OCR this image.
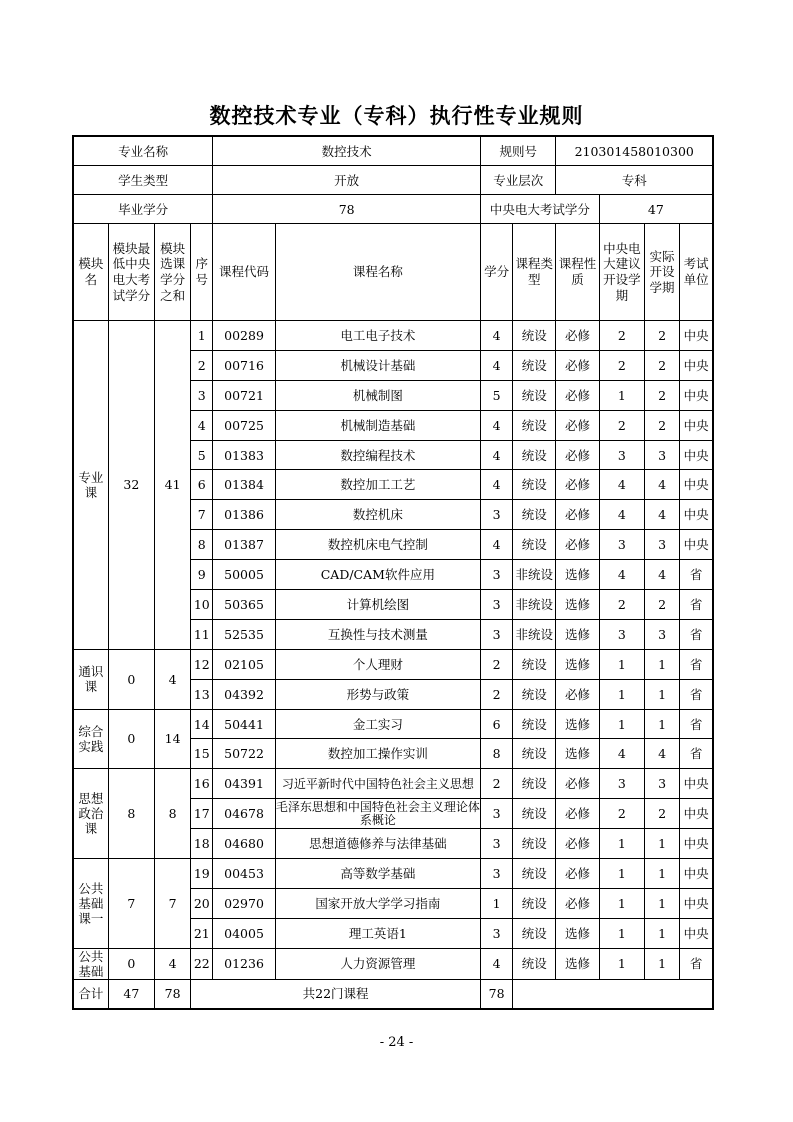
数控技术专业（专科）执行性专业规则
专业名称				数控技术		规则号		210301458010300			
学生类型				开放		专业层次		专科			
毕业学分				78		中央电大考试学分			47		
模块名	模块最低中央电大考试学分	模块选课学分之和	序号	课程代码	课程名称	学分	课程类型	课程性质	中央电大建议开设学期	实际开设学期	考试单位
专业课	32	41	1	00289	电工电子技术	4	统设	必修	2	2	中央
			2	00716	机械设计基础	4	统设	必修	2	2	中央
			3	00721	机械制图	5	统设	必修	1	2	中央
			4	00725	机械制造基础	4	统设	必修	2	2	中央
			5	01383	数控编程技术	4	统设	必修	3	3	中央
			6	01384	数控加工工艺	4	统设	必修	4	4	中央
			7	01386	数控机床	3	统设	必修	4	4	中央
			8	01387	数控机床电气控制	4	统设	必修	3	3	中央
			9	50005	CAD/CAM软件应用	3	非统设	选修	4	4	省
			10	50365	计算机绘图	3	非统设	选修	2	2	省
			11	52535	互换性与技术测量	3	非统设	选修	3	3	省
通识课	0	4	12	02105	个人理财	2	统设	选修	1	1	省
			13	04392	形势与政策	2	统设	必修	1	1	省
综合实践	0	14	14	50441	金工实习	6	统设	选修	1	1	省
			15	50722	数控加工操作实训	8	统设	选修	4	4	省
思想政治课	8	8	16	04391	习近平新时代中国特色社会主义思想	2	统设	必修	3	3	中央
			17	04678	毛泽东思想和中国特色社会主义理论体系概论	3	统设	必修	2	2	中央
			18	04680	思想道德修养与法律基础	3	统设	必修	1	1	中央
公共基础课一	7	7	19	00453	高等数学基础	3	统设	必修	1	1	中央
			20	02970	国家开放大学学习指南	1	统设	必修	1	1	中央
			21	04005	理工英语1	3	统设	选修	1	1	中央
公共基础	0	4	22	01236	人力资源管理	4	统设	选修	1	1	省
合计	47	78	共22门课程			78					
- 24 -
